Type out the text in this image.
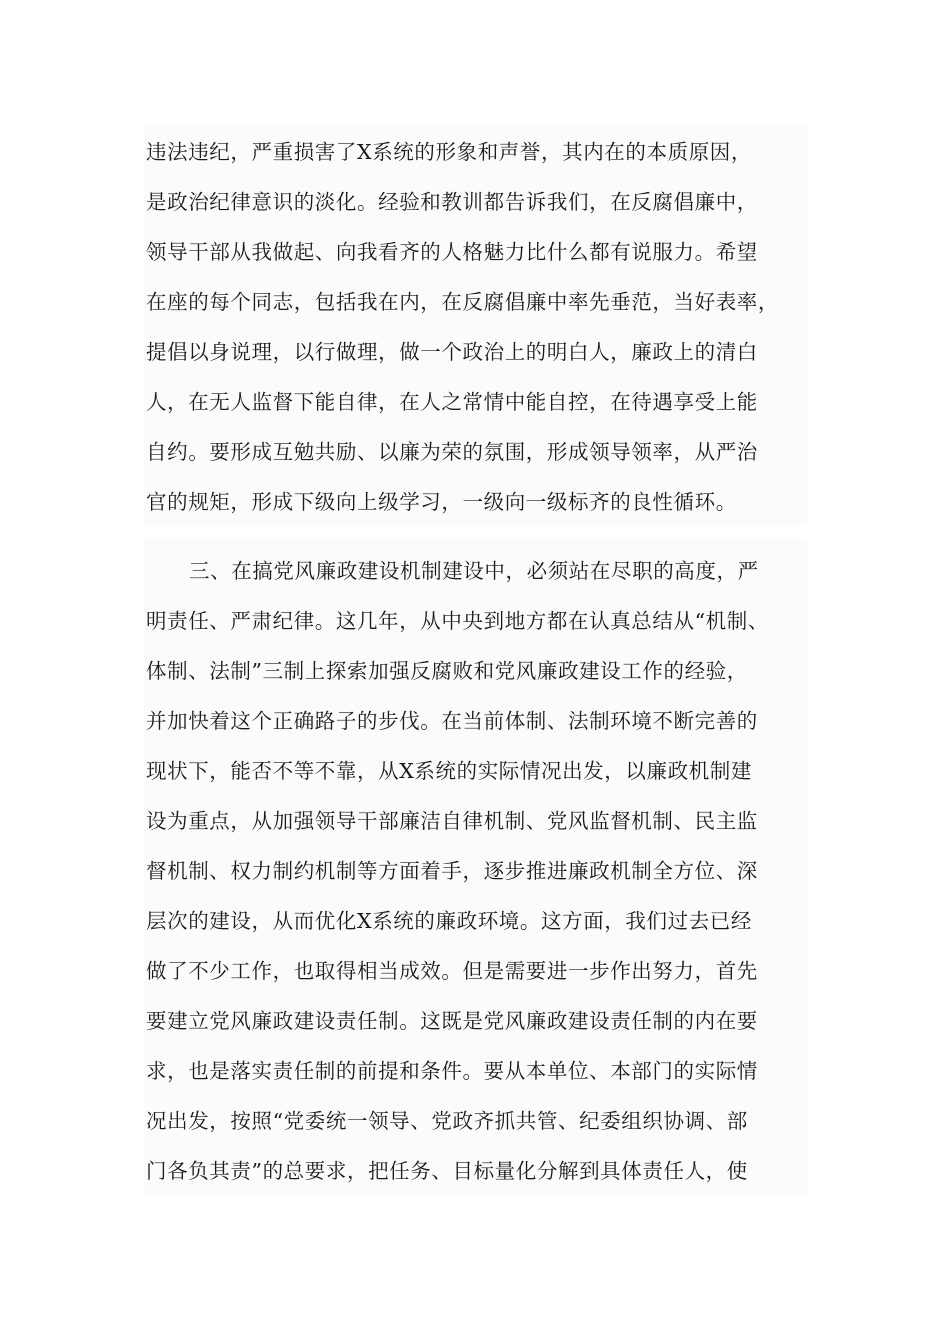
违法违纪，严重损害了X系统的形象和声誉，其内在的本质原因，
是政治纪律意识的淡化。经验和教训都告诉我们，在反腐倡廉中，
领导干部从我做起、向我看齐的人格魅力比什么都有说服力。希望
在座的每个同志，包括我在内，在反腐倡廉中率先垂范，当好表率，
提倡以身说理，以行做理，做一个政治上的明白人，廉政上的清白
人，在无人监督下能自律，在人之常情中能自控，在待遇享受上能
自约。要形成互勉共励、以廉为荣的氛围，形成领导领率，从严治
官的规矩，形成下级向上级学习，一级向一级标齐的良性循环。
三、在搞党风廉政建设机制建设中，必须站在尽职的高度，严
明责任、严肃纪律。这几年，从中央到地方都在认真总结从“机制、
体制、法制”三制上探索加强反腐败和党风廉政建设工作的经验，
并加快着这个正确路子的步伐。在当前体制、法制环境不断完善的
现状下，能否不等不靠，从X系统的实际情况出发，以廉政机制建
设为重点，从加强领导干部廉洁自律机制、党风监督机制、民主监
督机制、权力制约机制等方面着手，逐步推进廉政机制全方位、深
层次的建设，从而优化X系统的廉政环境。这方面，我们过去已经
做了不少工作，也取得相当成效。但是需要进一步作出努力，首先
要建立党风廉政建设责任制。这既是党风廉政建设责任制的内在要
求，也是落实责任制的前提和条件。要从本单位、本部门的实际情
况出发，按照“党委统一领导、党政齐抓共管、纪委组织协调、部
门各负其责”的总要求，把任务、目标量化分解到具体责任人，使
